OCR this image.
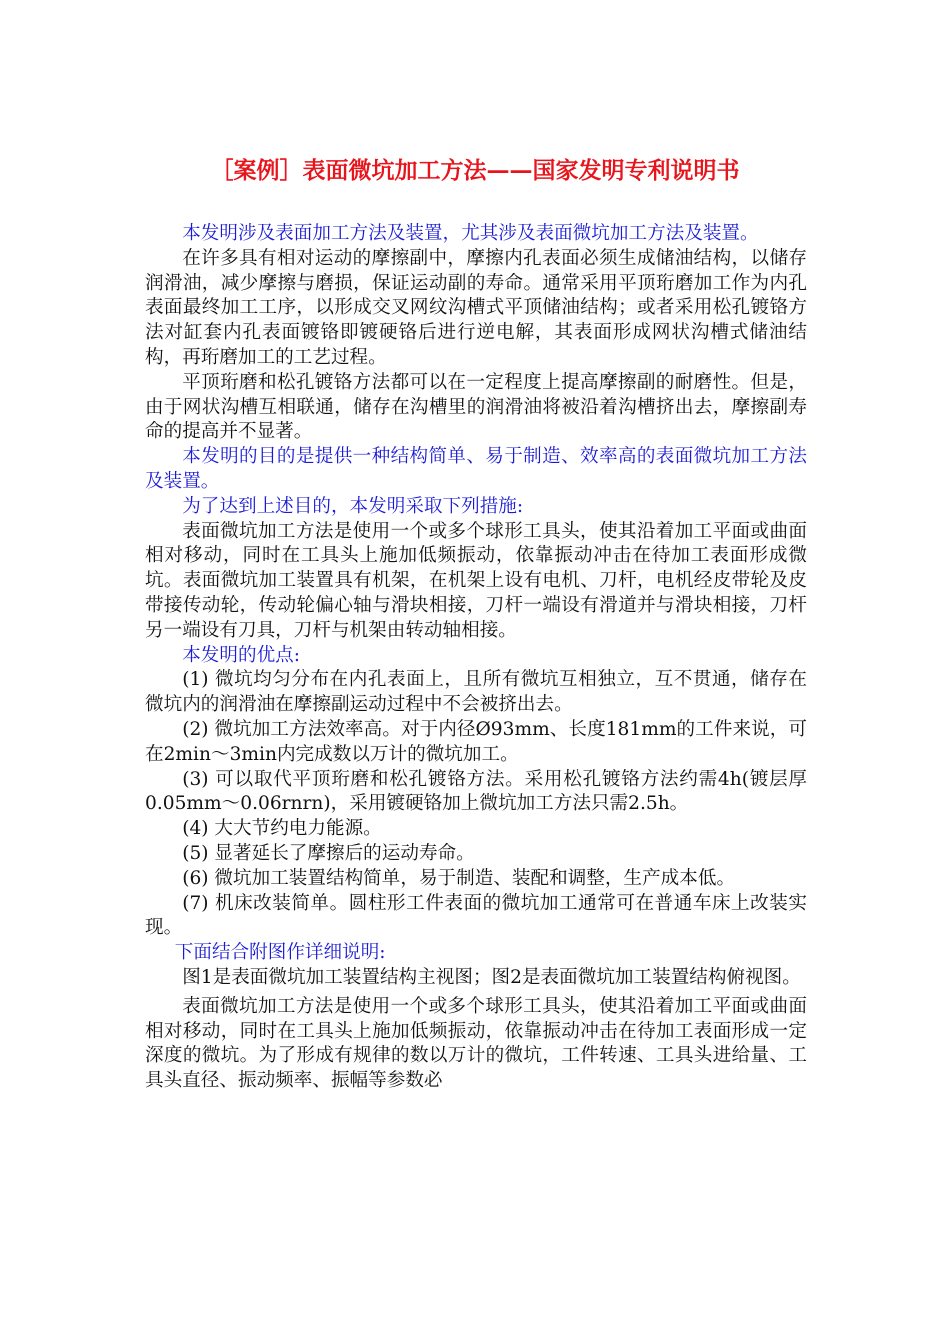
［案例］表面微坑加工方法——国家发明专利说明书

本发明涉及表面加工方法及装置，尤其涉及表面微坑加工方法及装置。

在许多具有相对运动的摩擦副中，摩擦内孔表面必须生成储油结构，以储存润滑油，减少摩擦与磨损，保证运动副的寿命。通常采用平顶珩磨加工作为内孔表面最终加工工序，以形成交叉网纹沟槽式平顶储油结构；或者采用松孔镀铬方法对缸套内孔表面镀铬即镀硬铬后进行逆电解，其表面形成网状沟槽式储油结构，再珩磨加工的工艺过程。

平顶珩磨和松孔镀铬方法都可以在一定程度上提高摩擦副的耐磨性。但是，由于网状沟槽互相联通，储存在沟槽里的润滑油将被沿着沟槽挤出去，摩擦副寿命的提高并不显著。

本发明的目的是提供一种结构简单、易于制造、效率高的表面微坑加工方法及装置。

为了达到上述目的，本发明采取下列措施:

表面微坑加工方法是使用一个或多个球形工具头，使其沿着加工平面或曲面相对移动，同时在工具头上施加低频振动，依靠振动冲击在待加工表面形成微坑。表面微坑加工装置具有机架，在机架上设有电机、刀杆，电机经皮带轮及皮带接传动轮，传动轮偏心轴与滑块相接，刀杆一端设有滑道并与滑块相接，刀杆另一端设有刀具，刀杆与机架由转动轴相接。

本发明的优点:

(1) 微坑均匀分布在内孔表面上，且所有微坑互相独立，互不贯通，储存在微坑内的润滑油在摩擦副运动过程中不会被挤出去。

(2) 微坑加工方法效率高。对于内径Ø93mm、长度181mm的工件来说，可在2min～3min内完成数以万计的微坑加工。

(3) 可以取代平顶珩磨和松孔镀铬方法。采用松孔镀铬方法约需4h(镀层厚0.05mm～0.06rnrn)，采用镀硬铬加上微坑加工方法只需2.5h。

(4) 大大节约电力能源。

(5) 显著延长了摩擦后的运动寿命。

(6) 微坑加工装置结构简单，易于制造、装配和调整，生产成本低。

(7) 机床改装简单。圆柱形工件表面的微坑加工通常可在普通车床上改装实现。

下面结合附图作详细说明:

图1是表面微坑加工装置结构主视图；图2是表面微坑加工装置结构俯视图。

表面微坑加工方法是使用一个或多个球形工具头，使其沿着加工平面或曲面相对移动，同时在工具头上施加低频振动，依靠振动冲击在待加工表面形成一定深度的微坑。为了形成有规律的数以万计的微坑，工件转速、工具头进给量、工具头直径、振动频率、振幅等参数必
